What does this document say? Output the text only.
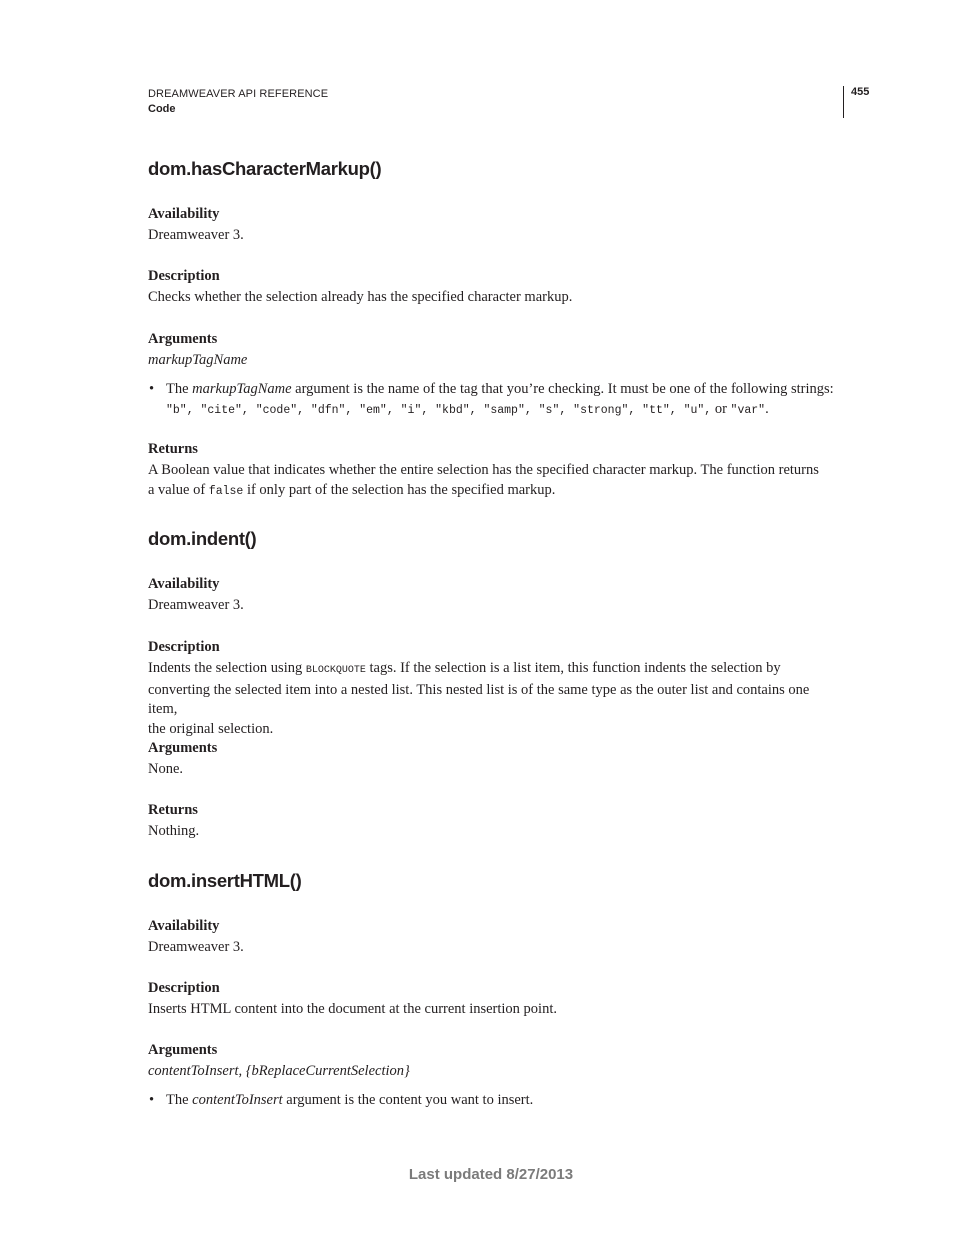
DREAMWEAVER API REFERENCE
Code
455
dom.hasCharacterMarkup()
Availability
Dreamweaver 3.
Description
Checks whether the selection already has the specified character markup.
Arguments
markupTagName
• The markupTagName argument is the name of the tag that you’re checking. It must be one of the following strings:
"b", "cite", "code", "dfn", "em", "i", "kbd", "samp", "s", "strong", "tt", "u", or "var".
Returns
A Boolean value that indicates whether the entire selection has the specified character markup. The function returns
a value of false if only part of the selection has the specified markup.
dom.indent()
Availability
Dreamweaver 3.
Description
Indents the selection using BLOCKQUOTE tags. If the selection is a list item, this function indents the selection by
converting the selected item into a nested list. This nested list is of the same type as the outer list and contains one item,
the original selection.
Arguments
None.
Returns
Nothing.
dom.insertHTML()
Availability
Dreamweaver 3.
Description
Inserts HTML content into the document at the current insertion point.
Arguments
contentToInsert, {bReplaceCurrentSelection}
• The contentToInsert argument is the content you want to insert.
Last updated 8/27/2013
